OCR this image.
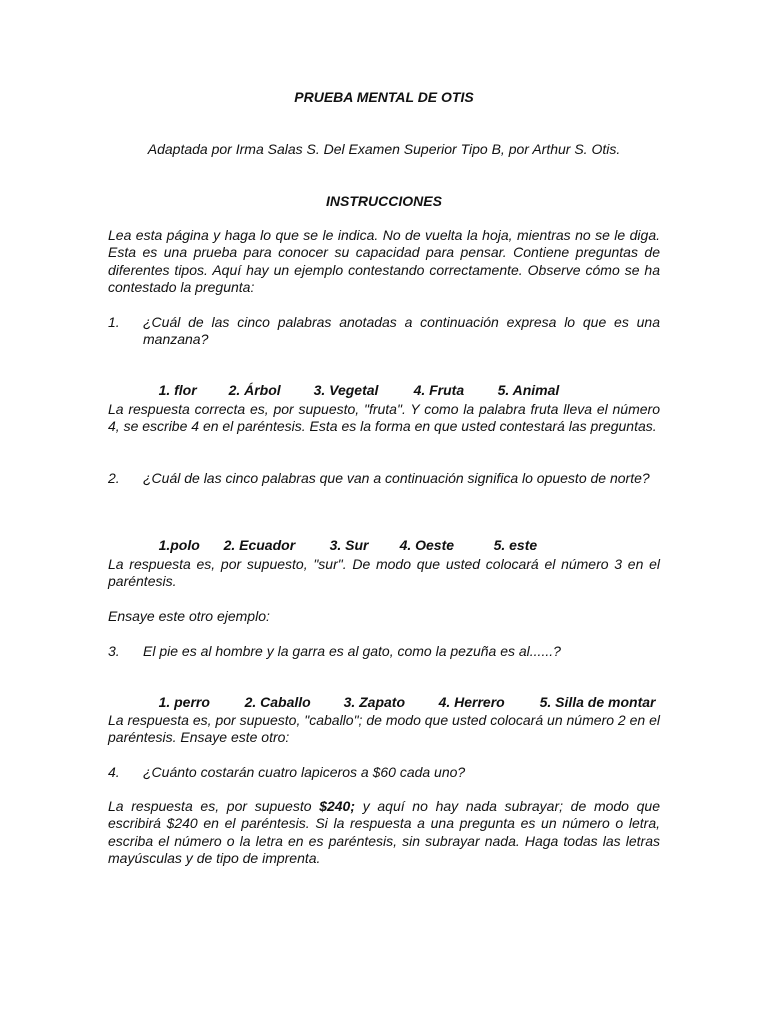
PRUEBA MENTAL DE OTIS
Adaptada por Irma Salas S. Del Examen Superior Tipo B, por Arthur S. Otis.
INSTRUCCIONES
Lea esta página y haga lo que se le indica. No de vuelta la hoja, mientras no se le diga. Esta es una prueba para conocer su capacidad para pensar. Contiene preguntas de diferentes tipos. Aquí hay un ejemplo contestando correctamente. Observe cómo se ha contestado la pregunta:
1. ¿Cuál de las cinco palabras anotadas a continuación expresa lo que es una manzana?

1. flor 2. Árbol 3. Vegetal	4. Fruta 5. Animal

La respuesta correcta es, por supuesto, "fruta". Y como la palabra fruta lleva el número 4, se escribe 4 en el paréntesis. Esta es la forma en que usted contestará las preguntas.
2. ¿Cuál de las cinco palabras que van a continuación significa lo opuesto de norte?

1.polo 2. Ecuador 3. Sur 4. Oeste	5. este

La respuesta es, por supuesto, "sur". De modo que usted colocará el número 3 en el paréntesis.
Ensaye este otro ejemplo:
3. El pie es al hombre y la garra es al gato, como la pezuña es al......?

1. perro 2. Caballo 3. Zapato 4. Herrero 5. Silla de montar

La respuesta es, por supuesto, "caballo"; de modo que usted colocará un número 2 en el paréntesis. Ensaye este otro:
4. ¿Cuánto costarán cuatro lapiceros a $60 cada uno?
La respuesta es, por supuesto $240; y aquí no hay nada subrayar; de modo que escribirá $240 en el paréntesis. Si la respuesta a una pregunta es un número o letra, escriba el número o la letra en es paréntesis, sin subrayar nada. Haga todas las letras mayúsculas y de tipo de imprenta.
